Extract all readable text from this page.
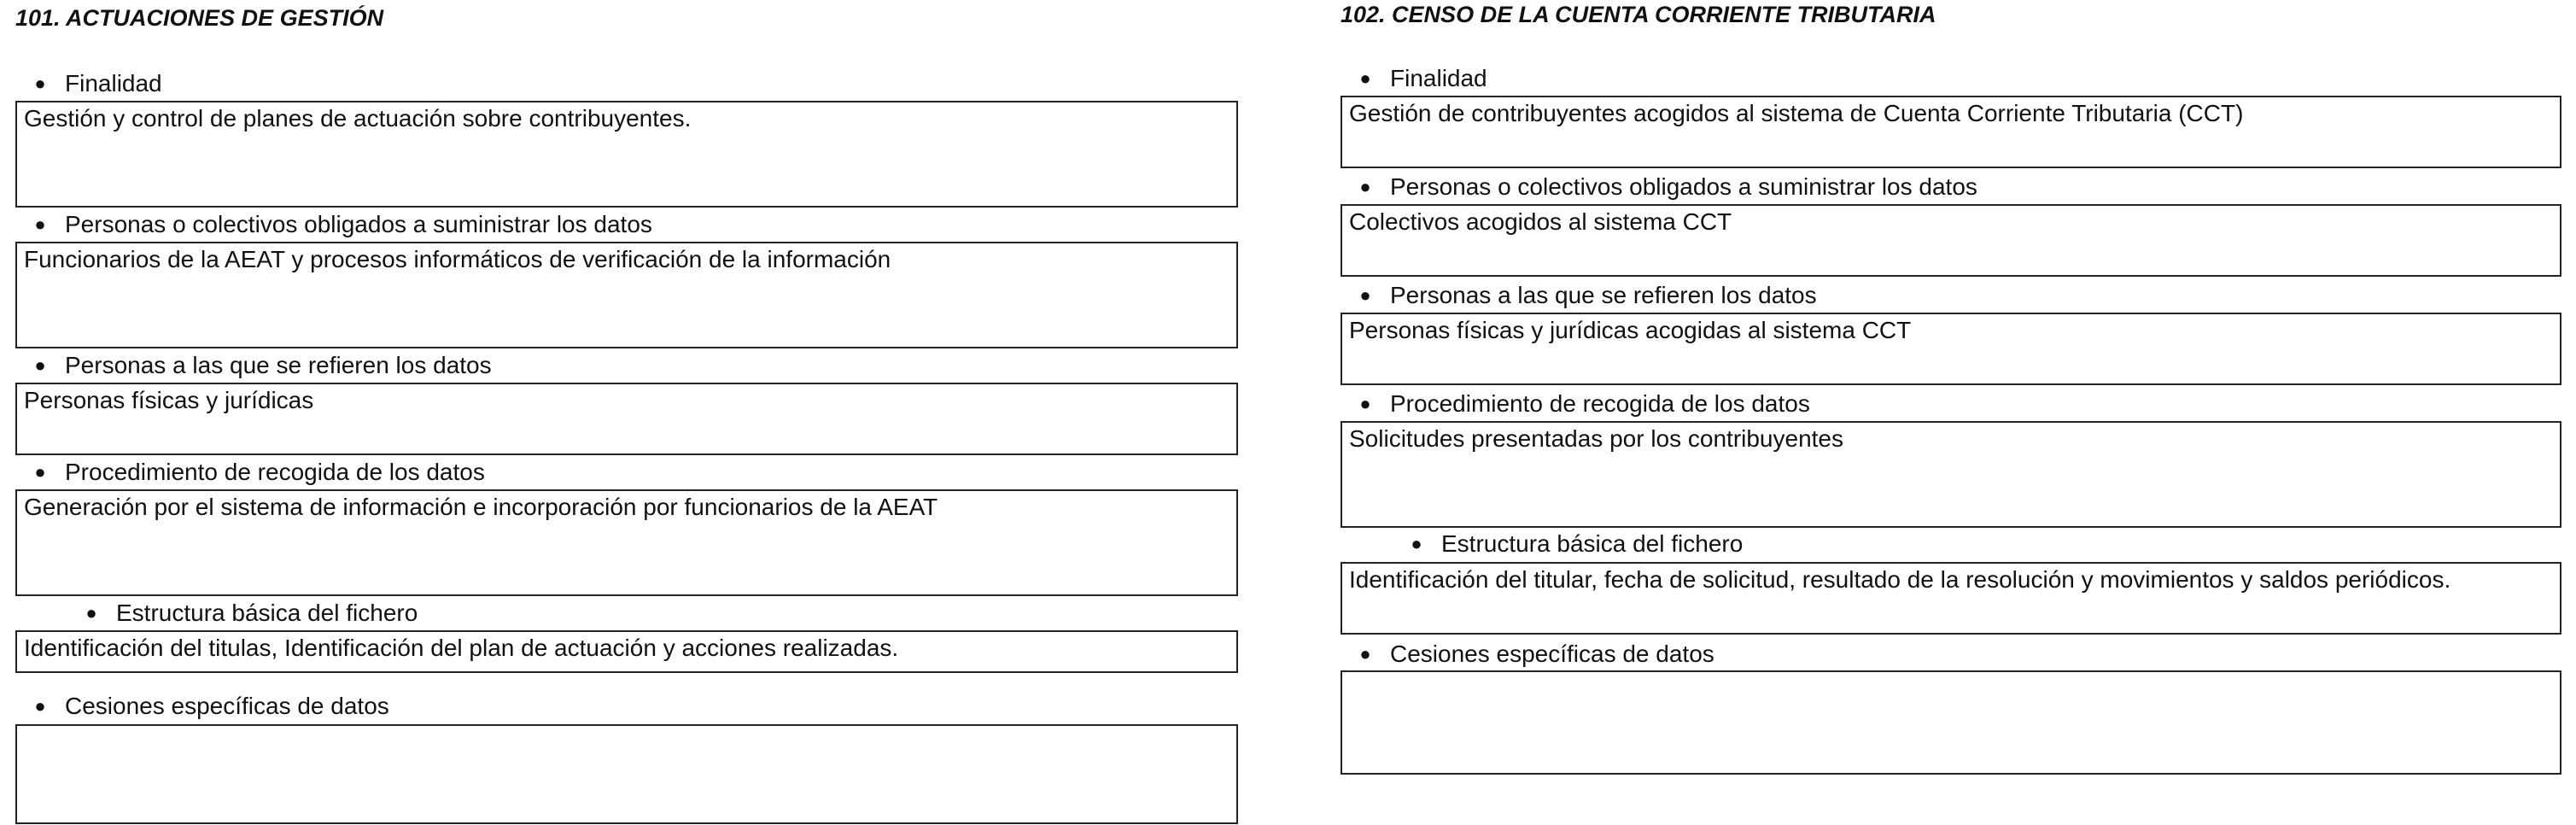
101. ACTUACIONES DE GESTIÓN
● Finalidad
Gestión y control de planes de actuación sobre contribuyentes.
● Personas o colectivos obligados a suministrar los datos
Funcionarios de la AEAT y procesos informáticos de verificación de la información
● Personas a las que se refieren los datos
Personas físicas y jurídicas
● Procedimiento de recogida de los datos
Generación por el sistema de información e incorporación por funcionarios de la AEAT
● Estructura básica del fichero
Identificación del titulas, Identificación del plan de actuación y acciones realizadas.
● Cesiones específicas de datos
102. CENSO DE LA CUENTA CORRIENTE TRIBUTARIA
● Finalidad
Gestión de contribuyentes acogidos al sistema de Cuenta Corriente Tributaria (CCT)
● Personas o colectivos obligados a suministrar los datos
Colectivos acogidos al sistema CCT
● Personas a las que se refieren los datos
Personas físicas y jurídicas acogidas al sistema CCT
● Procedimiento de recogida de los datos
Solicitudes presentadas por los contribuyentes
● Estructura básica del fichero
Identificación del titular, fecha de solicitud, resultado de la resolución y movimientos y saldos periódicos.
● Cesiones específicas de datos
